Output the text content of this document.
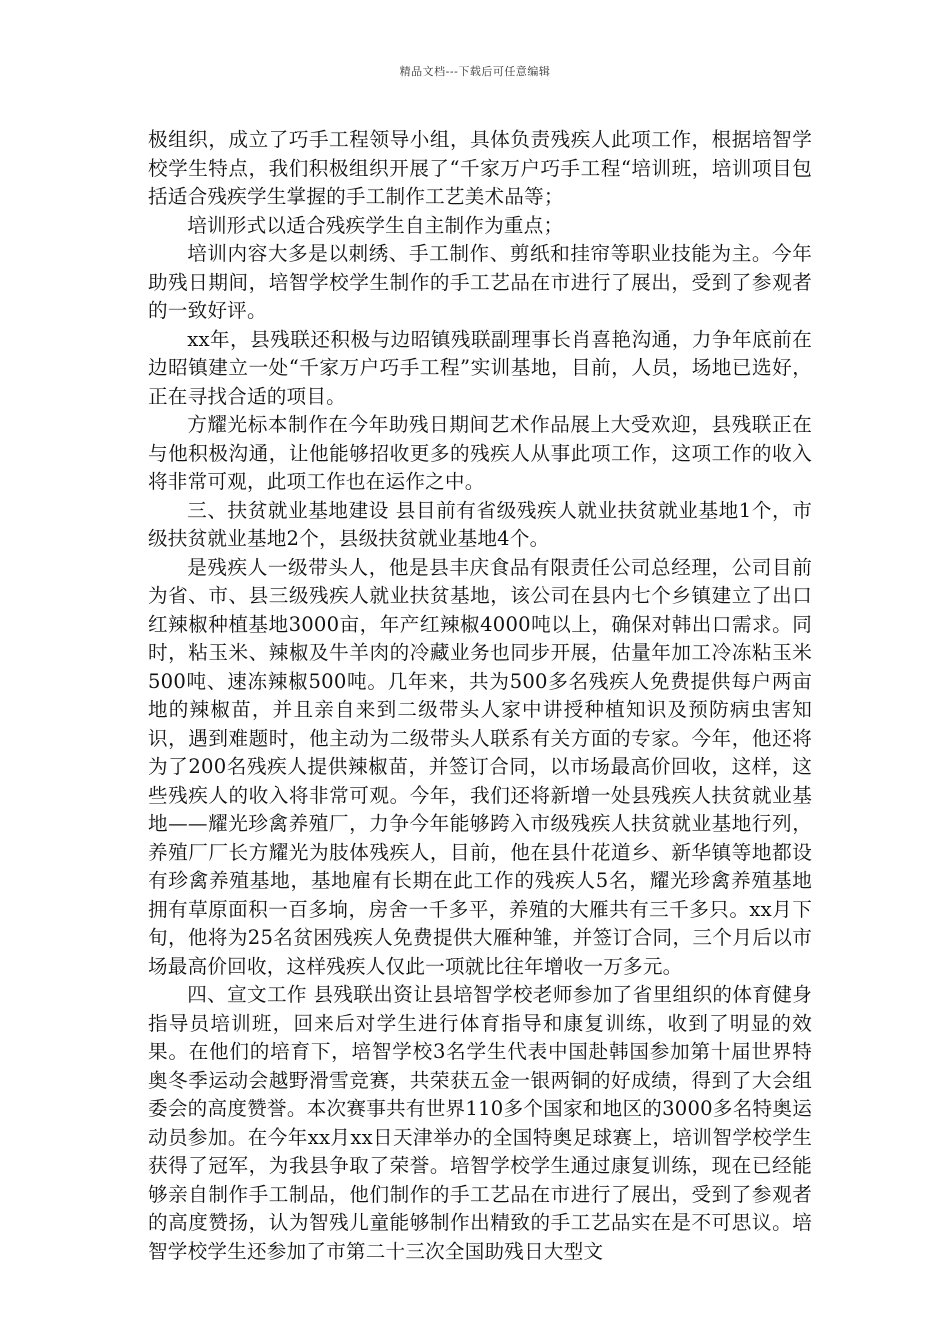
精品文档---下载后可任意编辑

极组织，成立了巧手工程领导小组，具体负责残疾人此项工作，根据培智学校学生特点，我们积极组织开展了“千家万户巧手工程“培训班，培训项目包括适合残疾学生掌握的手工制作工艺美术品等；

培训形式以适合残疾学生自主制作为重点；

培训内容大多是以刺绣、手工制作、剪纸和挂帘等职业技能为主。今年助残日期间，培智学校学生制作的手工艺品在市进行了展出，受到了参观者的一致好评。

xx年，县残联还积极与边昭镇残联副理事长肖喜艳沟通，力争年底前在边昭镇建立一处“千家万户巧手工程”实训基地，目前，人员，场地已选好，正在寻找合适的项目。

方耀光标本制作在今年助残日期间艺术作品展上大受欢迎，县残联正在与他积极沟通，让他能够招收更多的残疾人从事此项工作，这项工作的收入将非常可观，此项工作也在运作之中。

三、扶贫就业基地建设 县目前有省级残疾人就业扶贫就业基地1个，市级扶贫就业基地2个，县级扶贫就业基地4个。

是残疾人一级带头人，他是县丰庆食品有限责任公司总经理，公司目前为省、市、县三级残疾人就业扶贫基地，该公司在县内七个乡镇建立了出口红辣椒种植基地3000亩，年产红辣椒4000吨以上，确保对韩出口需求。同时，粘玉米、辣椒及牛羊肉的冷藏业务也同步开展，估量年加工冷冻粘玉米500吨、速冻辣椒500吨。几年来，共为500多名残疾人免费提供每户两亩地的辣椒苗，并且亲自来到二级带头人家中讲授种植知识及预防病虫害知识，遇到难题时，他主动为二级带头人联系有关方面的专家。今年，他还将为了200名残疾人提供辣椒苗，并签订合同，以市场最高价回收，这样，这些残疾人的收入将非常可观。今年，我们还将新增一处县残疾人扶贫就业基地——耀光珍禽养殖厂，力争今年能够跨入市级残疾人扶贫就业基地行列，养殖厂厂长方耀光为肢体残疾人，目前，他在县什花道乡、新华镇等地都设有珍禽养殖基地，基地雇有长期在此工作的残疾人5名，耀光珍禽养殖基地拥有草原面积一百多垧，房舍一千多平，养殖的大雁共有三千多只。xx月下旬，他将为25名贫困残疾人免费提供大雁种雏，并签订合同，三个月后以市场最高价回收，这样残疾人仅此一项就比往年增收一万多元。

四、宣文工作 县残联出资让县培智学校老师参加了省里组织的体育健身指导员培训班，回来后对学生进行体育指导和康复训练，收到了明显的效果。在他们的培育下，培智学校3名学生代表中国赴韩国参加第十届世界特奥冬季运动会越野滑雪竞赛，共荣获五金一银两铜的好成绩，得到了大会组委会的高度赞誉。本次赛事共有世界110多个国家和地区的3000多名特奥运动员参加。在今年xx月xx日天津举办的全国特奥足球赛上，培训智学校学生获得了冠军，为我县争取了荣誉。培智学校学生通过康复训练，现在已经能够亲自制作手工制品，他们制作的手工艺品在市进行了展出，受到了参观者的高度赞扬，认为智残儿童能够制作出精致的手工艺品实在是不可思议。培智学校学生还参加了市第二十三次全国助残日大型文
